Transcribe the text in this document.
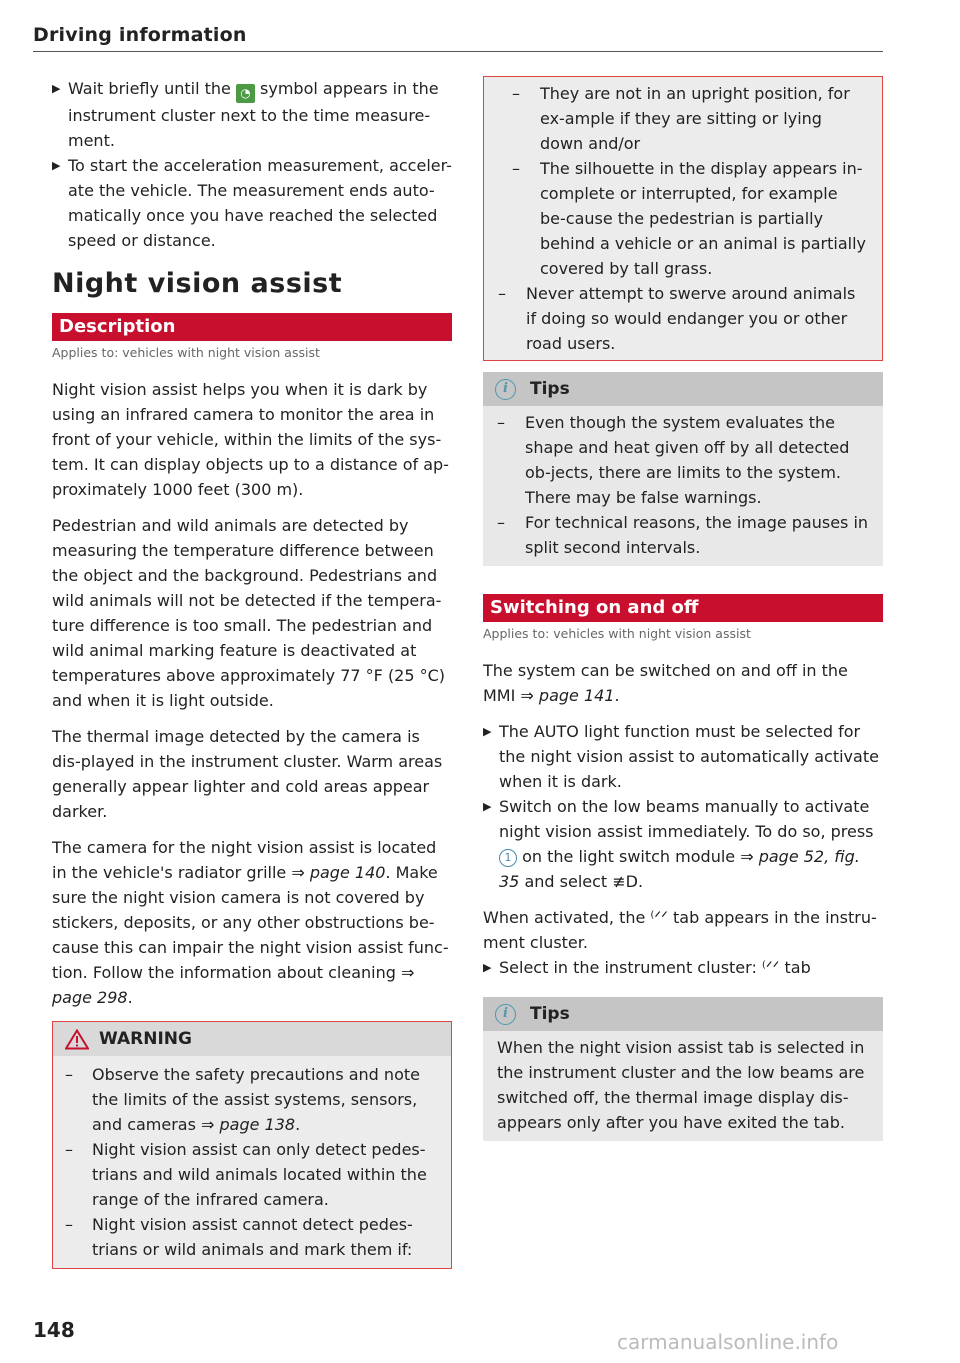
Driving information
▶ Wait briefly until the ◔ symbol appears in the instrument cluster next to the time measure-ment.
▶ To start the acceleration measurement, acceler-ate the vehicle. The measurement ends auto-matically once you have reached the selected speed or distance.
Night vision assist
Description
Applies to: vehicles with night vision assist

Night vision assist helps you when it is dark by using an infrared camera to monitor the area in front of your vehicle, within the limits of the sys-tem. It can display objects up to a distance of ap-proximately 1000 feet (300 m).

Pedestrian and wild animals are detected by measuring the temperature difference between the object and the background. Pedestrians and wild animals will not be detected if the tempera-ture difference is too small. The pedestrian and wild animal marking feature is deactivated at temperatures above approximately 77 °F (25 °C) and when it is light outside.

The thermal image detected by the camera is dis-played in the instrument cluster. Warm areas generally appear lighter and cold areas appear darker.

The camera for the night vision assist is located in the vehicle's radiator grille ⇒ page 140. Make sure the night vision camera is not covered by stickers, deposits, or any other obstructions be-cause this can impair the night vision assist func-tion. Follow the information about cleaning ⇒ page 298.

WARNING
– Observe the safety precautions and note the limits of the assist systems, sensors, and cameras ⇒ page 138.
– Night vision assist can only detect pedes-trians and wild animals located within the range of the infrared camera.
– Night vision assist cannot detect pedes-trians or wild animals and mark them if:
148
– They are not in an upright position, for ex-ample if they are sitting or lying down and/or
– The silhouette in the display appears in-complete or interrupted, for example be-cause the pedestrian is partially behind a vehicle or an animal is partially covered by tall grass.
– Never attempt to swerve around animals if doing so would endanger you or other road users.
i	Tips
– Even though the system evaluates the shape and heat given off by all detected ob-jects, there are limits to the system. There may be false warnings.
– For technical reasons, the image pauses in split second intervals.
Switching on and off
Applies to: vehicles with night vision assist

The system can be switched on and off in the MMI ⇒ page 141.

▶ The AUTO light function must be selected for the night vision assist to automatically activate when it is dark.
▶ Switch on the low beams manually to activate night vision assist immediately. To do so, press 1 on the light switch module ⇒ page 52, fig. 35 and select ≢D.

When activated, the ⁽ᐟᐟ tab appears in the instru-ment cluster.

▶ Select in the instrument cluster: ⁽ᐟᐟ tab
i	Tips
When the night vision assist tab is selected in the instrument cluster and the low beams are switched off, the thermal image display dis-appears only after you have exited the tab.
carmanualsonline.info
